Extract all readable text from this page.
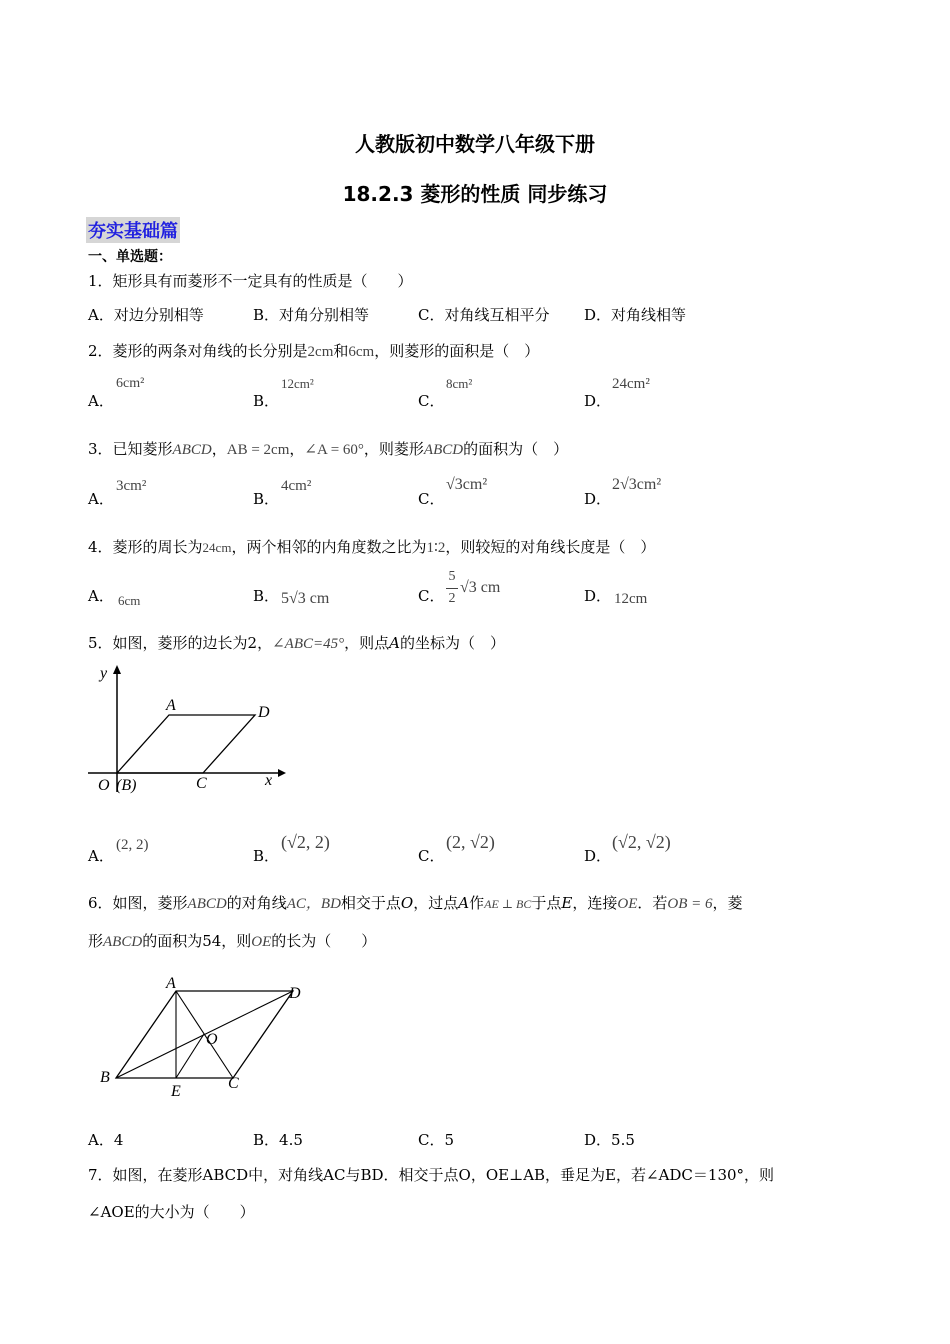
人教版初中数学八年级下册
18.2.3 菱形的性质 同步练习
夯实基础篇
一、单选题：
1．矩形具有而菱形不一定具有的性质是（　　）
A．对边分别相等	B．对角分别相等	C．对角线互相平分 D．对角线相等
2．菱形的两条对角线的长分别是2cm和6cm，则菱形的面积是（　）
A．
6cm²
B．
12cm²
C．
8cm²
D．
24cm²
3．已知菱形ABCD，AB = 2cm，∠A = 60°，则菱形ABCD的面积为（　）
A．
3cm²
B．
4cm²
C．
√3cm²
D．
2√3cm²
4．菱形的周长为24cm，两个相邻的内角度数之比为1∶2，则较短的对角线长度是（　）
A． 6cm	B． 5√3 cm	C．
5
2
√3 cm	D． 12cm
5．如图，菱形的边长为2，∠ABC=45°，则点A的坐标为（　）
y
A	D
O (B)	C	x
A．
(2, 2)
B．
(√2, 2)
C．
(2, √2)
D．
(√2, √2)
6．如图，菱形ABCD的对角线AC，BD相交于点O，过点A作AE ⊥ BC于点E，连接OE．若OB = 6，菱
形ABCD的面积为54，则OE的长为（　　）
A
D
O
B
E	C
A．4	B．4.5	C．5	D．5.5
7．如图，在菱形ABCD中，对角线AC与BD．相交于点O，OE⊥AB，垂足为E，若∠ADC＝130°，则
∠AOE的大小为（　　）
